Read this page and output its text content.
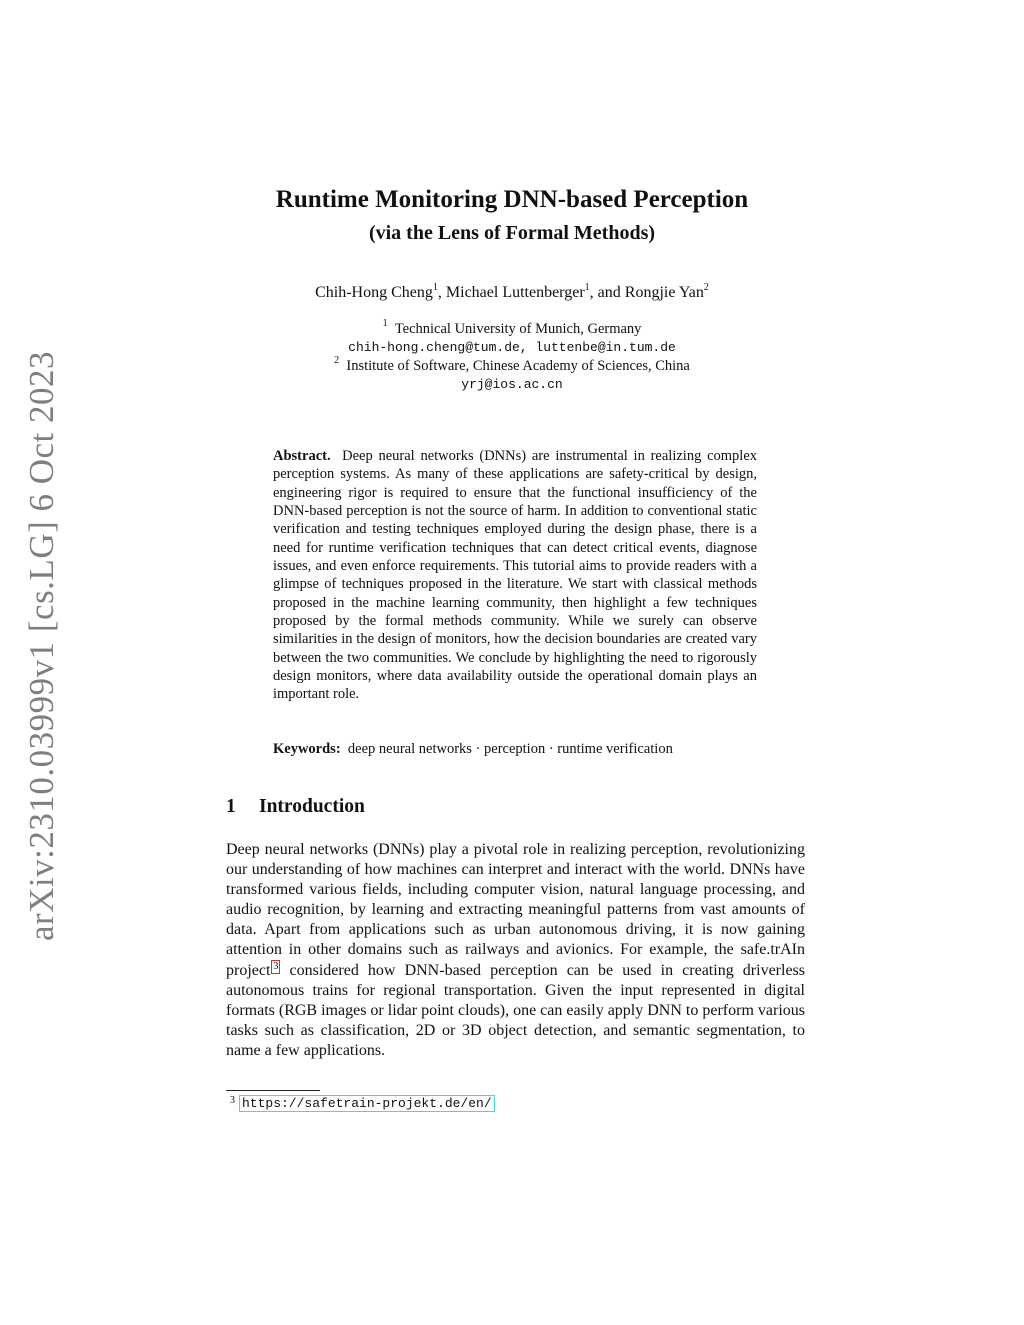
arXiv:2310.03999v1 [cs.LG] 6 Oct 2023
Runtime Monitoring DNN-based Perception
(via the Lens of Formal Methods)
Chih-Hong Cheng$^1$, Michael Luttenberger$^1$, and Rongjie Yan$^2$
$^1$ Technical University of Munich, Germany
chih-hong.cheng@tum.de, luttenbe@in.tum.de
$^2$ Institute of Software, Chinese Academy of Sciences, China
yrj@ios.ac.cn
Abstract. Deep neural networks (DNNs) are instrumental in realizing complex perception systems. As many of these applications are safety-critical by design, engineering rigor is required to ensure that the functional insufficiency of the DNN-based perception is not the source of harm. In addition to conventional static verification and testing techniques employed during the design phase, there is a need for runtime verification techniques that can detect critical events, diagnose issues, and even enforce requirements. This tutorial aims to provide readers with a glimpse of techniques proposed in the literature. We start with classical methods proposed in the machine learning community, then highlight a few techniques proposed by the formal methods community. While we surely can observe similarities in the design of monitors, how the decision boundaries are created vary between the two communities. We conclude by highlighting the need to rigorously design monitors, where data availability outside the operational domain plays an important role.
Keywords: deep neural networks · perception · runtime verification
1 Introduction
Deep neural networks (DNNs) play a pivotal role in realizing perception, revolutionizing our understanding of how machines can interpret and interact with the world. DNNs have transformed various fields, including computer vision, natural language processing, and audio recognition, by learning and extracting meaningful patterns from vast amounts of data. Apart from applications such as urban autonomous driving, it is now gaining attention in other domains such as railways and avionics. For example, the safe.trAIn project 3 considered how DNN-based perception can be used in creating driverless autonomous trains for regional transportation. Given the input represented in digital formats (RGB images or lidar point clouds), one can easily apply DNN to perform various tasks such as classification, 2D or 3D object detection, and semantic segmentation, to name a few applications.
$^3$ https://safetrain-projekt.de/en/
